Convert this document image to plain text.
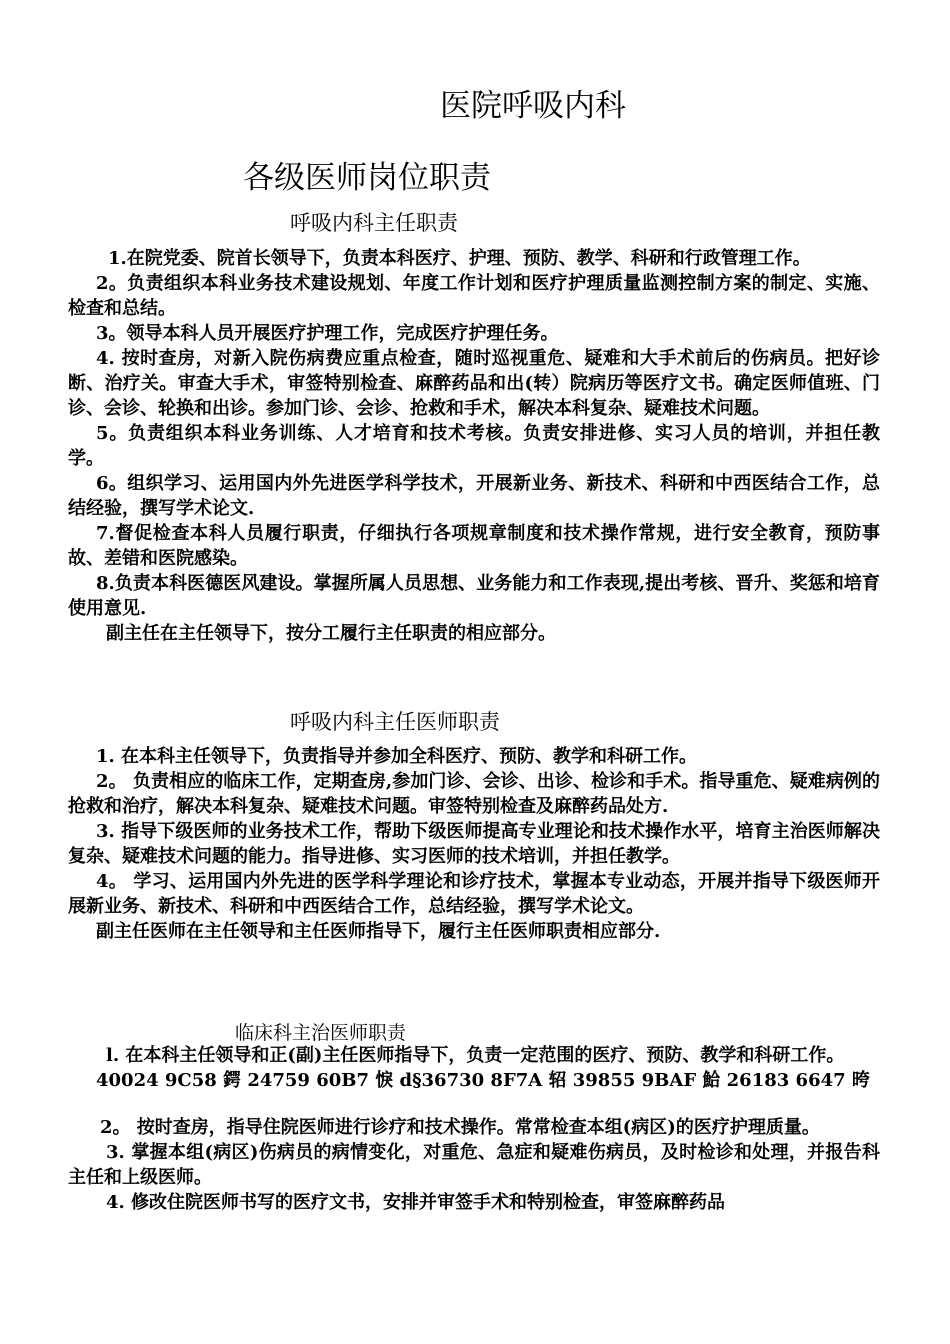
医院呼吸内科
各级医师岗位职责
呼吸内科主任职责

1.在院党委、院首长领导下，负责本科医疗、护理、预防、教学、科研和行政管理工作。

2。负责组织本科业务技术建设规划、年度工作计划和医疗护理质量监测控制方案的制定、实施、检查和总结。

3。领导本科人员开展医疗护理工作，完成医疗护理任务。

4. 按时查房，对新入院伤病费应重点检查，随时巡视重危、疑难和大手术前后的伤病员。把好诊断、治疗关。审查大手术，审签特别检查、麻醉药品和出(转）院病历等医疗文书。确定医师值班、门诊、会诊、轮换和出诊。参加门诊、会诊、抢救和手术，解决本科复杂、疑难技术问题。

5。负责组织本科业务训练、人才培育和技术考核。负责安排进修、实习人员的培训，并担任教学。

6。组织学习、运用国内外先进医学科学技术，开展新业务、新技术、科研和中西医结合工作，总结经验，撰写学术论文.

7.督促检查本科人员履行职责，仔细执行各项规章制度和技术操作常规，进行安全教育，预防事故、差错和医院感染。

8.负责本科医德医风建设。掌握所属人员思想、业务能力和工作表现,提出考核、晋升、奖惩和培育使用意见.

副主任在主任领导下，按分工履行主任职责的相应部分。

呼吸内科主任医师职责

1. 在本科主任领导下，负责指导并参加全科医疗、预防、教学和科研工作。

2。 负责相应的临床工作，定期查房,参加门诊、会诊、出诊、检诊和手术。指导重危、疑难病例的抢救和治疗，解决本科复杂、疑难技术问题。审签特别检查及麻醉药品处方.

3. 指导下级医师的业务技术工作，帮助下级医师提高专业理论和技术操作水平，培育主治医师解决复杂、疑难技术问题的能力。指导进修、实习医师的技术培训，并担任教学。

4。 学习、运用国内外先进的医学科学理论和诊疗技术，掌握本专业动态，开展并指导下级医师开展新业务、新技术、科研和中西医结合工作，总结经验，撰写学术论文。

副主任医师在主任领导和主任医师指导下，履行主任医师职责相应部分.

临床科主治医师职责

l. 在本科主任领导和正(副)主任医师指导下，负责一定范围的医疗、预防、教学和科研工作。

40024 9C58 鍔 24759 60B7 悷 d§36730 8F7A 轺 39855 9BAF 鮯 26183 6647 晇

2。 按时查房，指导住院医师进行诊疗和技术操作。常常检查本组(病区)的医疗护理质量。

3. 掌握本组(病区)伤病员的病情变化，对重危、急症和疑难伤病员，及时检诊和处理，并报告科主任和上级医师。

4. 修改住院医师书写的医疗文书，安排并审签手术和特别检查，审签麻醉药品
